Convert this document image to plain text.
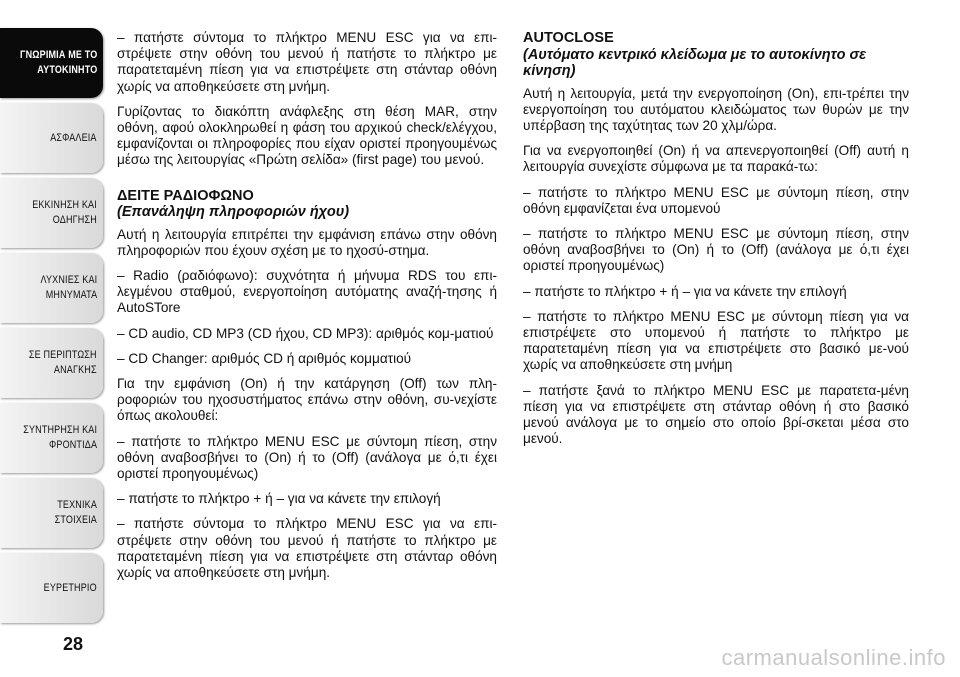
ΓΝΩΡΙΜΙΑ ΜΕ ΤΟ
ΑΥΤΟΚΙΝΗΤΟ
ΑΣΦΑΛΕΙΑ
ΕΚΚΙΝΗΣΗ ΚΑΙ
ΟΔΗΓΗΣΗ
ΛΥΧΝΙΕΣ ΚΑΙ
ΜΗΝΥΜΑΤΑ
ΣΕ ΠΕΡΙΠΤΩΣΗ
ΑΝΑΓΚΗΣ
ΣΥΝΤΗΡΗΣΗ ΚΑΙ
ΦΡΟΝΤΙΔΑ
ΤΕΧΝΙΚΑ ΣΤΟΙΧΕΙΑ
ΕΥΡΕΤΗΡΙΟ
28

– πατήστε σύντομα το πλήκτρο MENU ESC για να επι-στρέψετε στην οθόνη του μενού ή πατήστε το πλήκτρο με παρατεταμένη πίεση για να επιστρέψετε στη στάνταρ οθόνη χωρίς να αποθηκεύσετε στη μνήμη.

Γυρίζοντας το διακόπτη ανάφλεξης στη θέση MAR, στην οθόνη, αφού ολοκληρωθεί η φάση του αρχικού check/ελέγχου, εμφανίζονται οι πληροφορίες που είχαν οριστεί προηγουμένως μέσω της λειτουργίας «Πρώτη σελίδα» (first page) του μενού.

ΔΕΙΤΕ ΡΑΔΙΟΦΩΝΟ
(Επανάληψη πληροφοριών ήχου)

Αυτή η λειτουργία επιτρέπει την εμφάνιση επάνω στην οθόνη πληροφοριών που έχουν σχέση με το ηχοσύ-στημα.

– Radio (ραδιόφωνο): συχνότητα ή μήνυμα RDS του επι-λεγμένου σταθμού, ενεργοποίηση αυτόματης αναζή-τησης ή AutoSTore

– CD audio, CD MP3 (CD ήχου, CD MP3): αριθμός κομ-ματιού

– CD Changer: αριθμός CD ή αριθμός κομματιού

Για την εμφάνιση (On) ή την κατάργηση (Off) των πλη-ροφοριών του ηχοσυστήματος επάνω στην οθόνη, συ-νεχίστε όπως ακολουθεί:

– πατήστε το πλήκτρο MENU ESC με σύντομη πίεση, στην οθόνη αναβοσβήνει το (On) ή το (Off) (ανάλογα με ό,τι έχει οριστεί προηγουμένως)

– πατήστε το πλήκτρο + ή – για να κάνετε την επιλογή

– πατήστε σύντομα το πλήκτρο MENU ESC για να επι-στρέψετε στην οθόνη του μενού ή πατήστε το πλήκτρο με παρατεταμένη πίεση για να επιστρέψετε στη στάνταρ οθόνη χωρίς να αποθηκεύσετε στη μνήμη.

AUTOCLOSE
(Αυτόματο κεντρικό κλείδωμα με το αυτοκίνητο σε κίνηση)

Αυτή η λειτουργία, μετά την ενεργοποίηση (On), επι-τρέπει την ενεργοποίηση του αυτόματου κλειδώματος των θυρών με την υπέρβαση της ταχύτητας των 20 χλμ/ώρα.

Για να ενεργοποιηθεί (On) ή να απενεργοποιηθεί (Off) αυτή η λειτουργία συνεχίστε σύμφωνα με τα παρακά-τω:

– πατήστε το πλήκτρο MENU ESC με σύντομη πίεση, στην οθόνη εμφανίζεται ένα υπομενού

– πατήστε το πλήκτρο MENU ESC με σύντομη πίεση, στην οθόνη αναβοσβήνει το (On) ή το (Off) (ανάλογα με ό,τι έχει οριστεί προηγουμένως)

– πατήστε το πλήκτρο + ή – για να κάνετε την επιλογή

– πατήστε το πλήκτρο MENU ESC με σύντομη πίεση για να επιστρέψετε στο υπομενού ή πατήστε το πλήκτρο με παρατεταμένη πίεση για να επιστρέψετε στο βασικό με-νού χωρίς να αποθηκεύσετε στη μνήμη

– πατήστε ξανά το πλήκτρο MENU ESC με παρατετα-μένη πίεση για να επιστρέψετε στη στάνταρ οθόνη ή στο βασικό μενού ανάλογα με το σημείο στο οποίο βρί-σκεται μέσα στο μενού.

carmanualsonline.info
